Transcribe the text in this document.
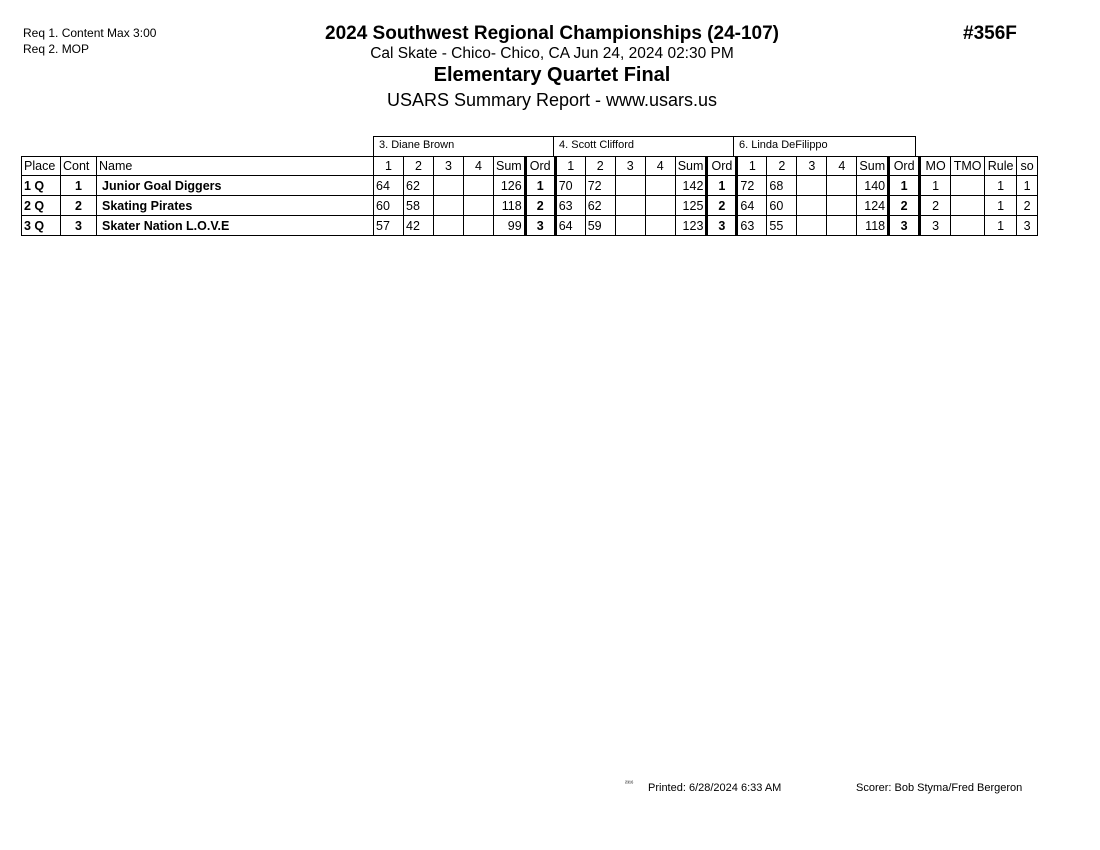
Req 1. Content Max 3:00
Req 2. MOP
2024 Southwest Regional Championships (24-107)
Cal Skate - Chico- Chico, CA Jun 24, 2024 02:30 PM
Elementary Quartet Final
USARS Summary Report - www.usars.us
#356F
3. Diane Brown	4. Scott Clifford	6. Linda DeFilippo
Place	Cont	Name	1	2	3	4	Sum	Ord	1	2	3	4	Sum	Ord	1	2	3	4	Sum	Ord	MO	TMO	Rule	so
1 Q	1	Junior Goal Diggers	64	62			126	1	70	72			142	1	72	68			140	1	1		1	1
2 Q	2	Skating Pirates	60	58			118	2	63	62			125	2	64	60			124	2	2		1	2
3 Q	3	Skater Nation L.O.V.E	57	42			99	3	64	59			123	3	63	55			118	3	3		1	3
²³¹⁶ Printed: 6/28/2024 6:33 AM	Scorer: Bob Styma/Fred Bergeron
